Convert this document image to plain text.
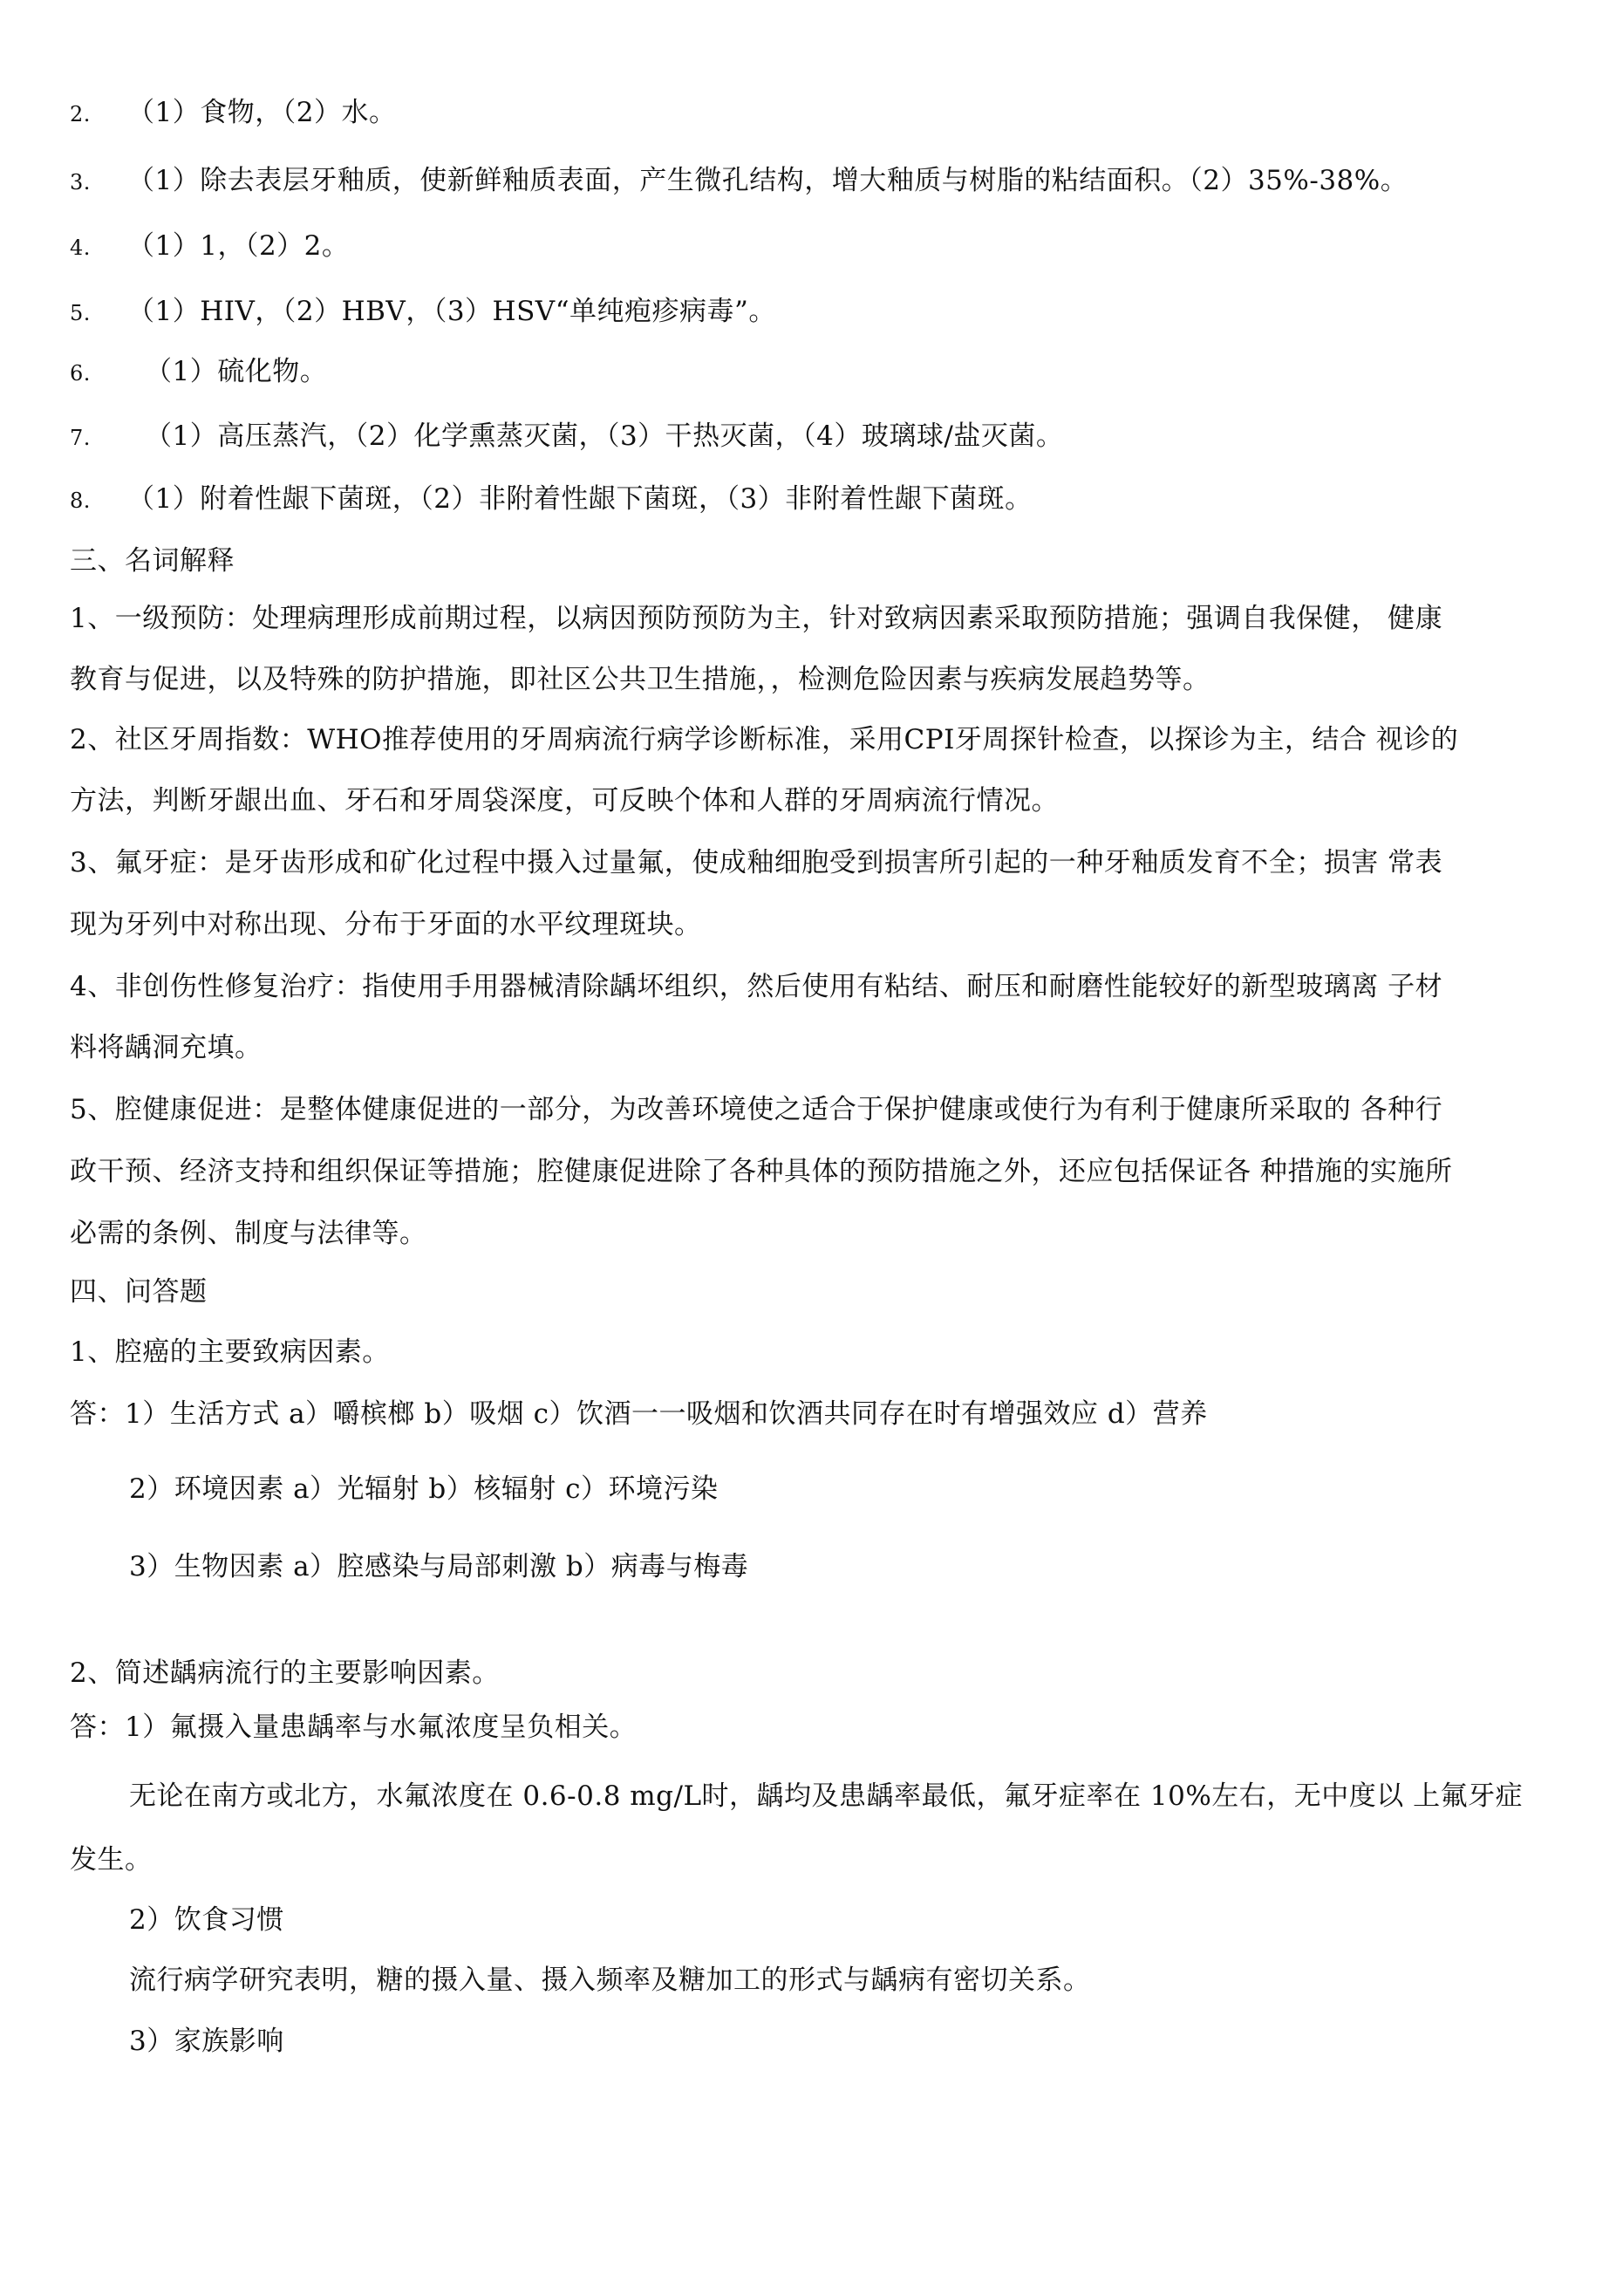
2. （1）食物，（2）水。
3. （1）除去表层牙釉质，使新鲜釉质表面，产生微孔结构，增大釉质与树脂的粘结面积。（2）35%-38%。
4. （1）1，（2）2。
5. （1）HIV，（2）HBV，（3）HSV“单纯疱疹病毒”。
6. （1）硫化物。
7. （1）高压蒸汽，（2）化学熏蒸灭菌，（3）干热灭菌，（4）玻璃球/盐灭菌。
8. （1）附着性龈下菌斑，（2）非附着性龈下菌斑，（3）非附着性龈下菌斑。
三、名词解释
1、一级预防：处理病理形成前期过程，以病因预防预防为主，针对致病因素采取预防措施；强调自我保健， 健康
教育与促进，以及特殊的防护措施，即社区公共卫生措施，，检测危险因素与疾病发展趋势等。
2、社区牙周指数：WHO推荐使用的牙周病流行病学诊断标准，采用CPI牙周探针检查，以探诊为主，结合 视诊的
方法，判断牙龈出血、牙石和牙周袋深度，可反映个体和人群的牙周病流行情况。
3、氟牙症：是牙齿形成和矿化过程中摄入过量氟，使成釉细胞受到损害所引起的一种牙釉质发育不全；损害 常表
现为牙列中对称出现、分布于牙面的水平纹理斑块。
4、非创伤性修复治疗：指使用手用器械清除龋坏组织，然后使用有粘结、耐压和耐磨性能较好的新型玻璃离 子材
料将龋洞充填。
5、腔健康促进：是整体健康促进的一部分，为改善环境使之适合于保护健康或使行为有利于健康所采取的 各种行
政干预、经济支持和组织保证等措施；腔健康促进除了各种具体的预防措施之外，还应包括保证各 种措施的实施所
必需的条例、制度与法律等。
四、问答题
1、腔癌的主要致病因素。
答：1）生活方式 a）嚼槟榔 b）吸烟 c）饮酒一一吸烟和饮酒共同存在时有增强效应 d）营养
2）环境因素 a）光辐射 b）核辐射 c）环境污染
3）生物因素 a）腔感染与局部刺激 b）病毒与梅毒
2、简述龋病流行的主要影响因素。
答：1）氟摄入量患龋率与水氟浓度呈负相关。
无论在南方或北方，水氟浓度在 0.6-0.8 mg/L时，龋均及患龋率最低，氟牙症率在 10%左右，无中度以 上氟牙症
发生。
2）饮食习惯
流行病学研究表明，糖的摄入量、摄入频率及糖加工的形式与龋病有密切关系。
3）家族影响
